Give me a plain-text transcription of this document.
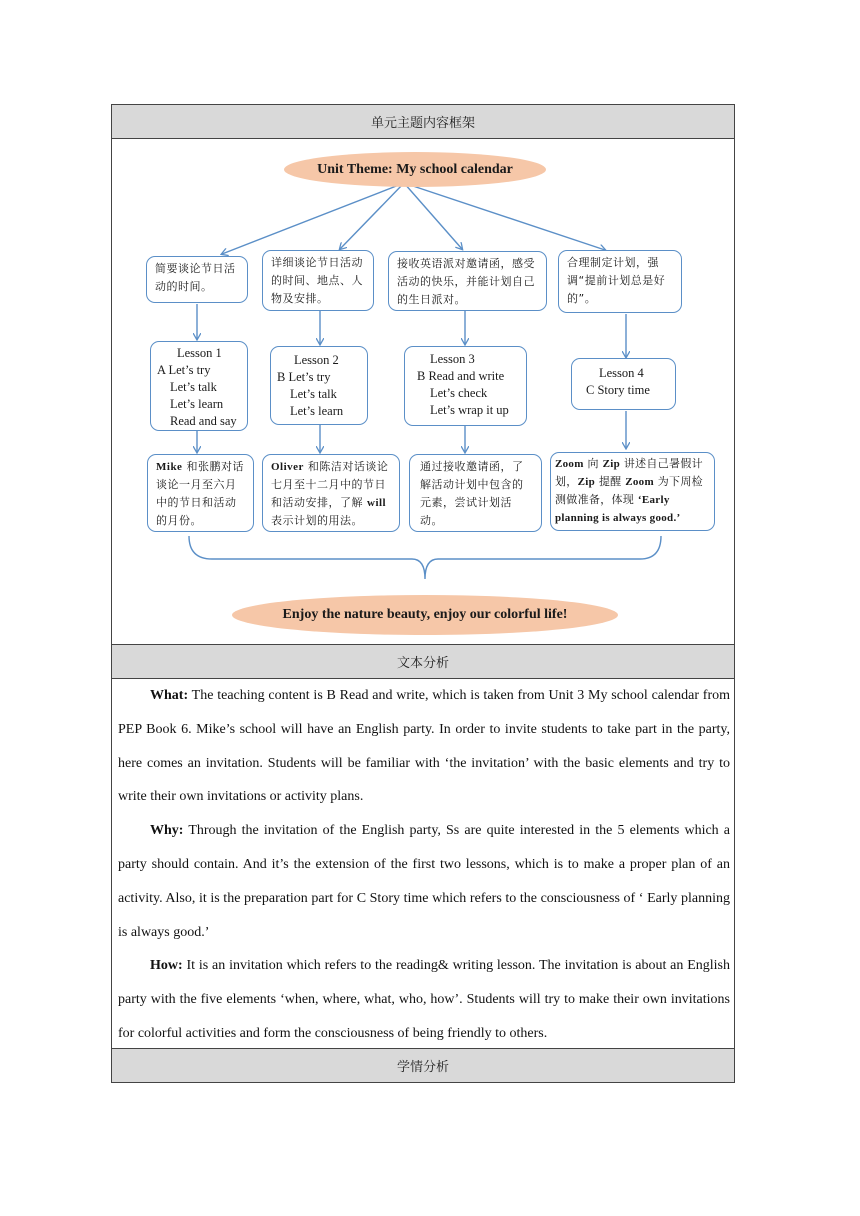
单元主题内容框架
Unit Theme: My school calendar
简要谈论节日活动的时间。
详细谈论节日活动的时间、地点、人物及安排。
接收英语派对邀请函，感受活动的快乐，并能计划自己的生日派对。
合理制定计划，强调“提前计划总是好的”。
Lesson 1
A Let’s try
Let’s talk
Let’s learn
Read and say
Lesson 2
B Let’s try
Let’s talk
Let’s learn
Lesson 3
B Read and write
Let’s check
Let’s wrap it up
Lesson 4
C Story time
Mike 和张鹏对话谈论一月至六月中的节日和活动的月份。
Oliver 和陈洁对话谈论七月至十二月中的节日和活动安排，了解 will 表示计划的用法。
通过接收邀请函，了解活动计划中包含的元素，尝试计划活动。
Zoom 向 Zip 讲述自己暑假计划，Zip 提醒 Zoom 为下周检测做准备，体现 ‘Early planning is always good.’
Enjoy the nature beauty, enjoy our colorful life!
文本分析

What: The teaching content is B Read and write, which is taken from Unit 3 My school calendar from PEP Book 6. Mike’s school will have an English party. In order to invite students to take part in the party, here comes an invitation. Students will be familiar with ‘the invitation’ with the basic elements and try to write their own invitations or activity plans.

Why: Through the invitation of the English party, Ss are quite interested in the 5 elements which a party should contain. And it’s the extension of the first two lessons, which is to make a proper plan of an activity. Also, it is the preparation part for C Story time which refers to the consciousness of ‘ Early planning is always good.’

How: It is an invitation which refers to the reading& writing lesson. The invitation is about an English party with the five elements ‘when, where, what, who, how’. Students will try to make their own invitations for colorful activities and form the consciousness of being friendly to others.

学情分析
